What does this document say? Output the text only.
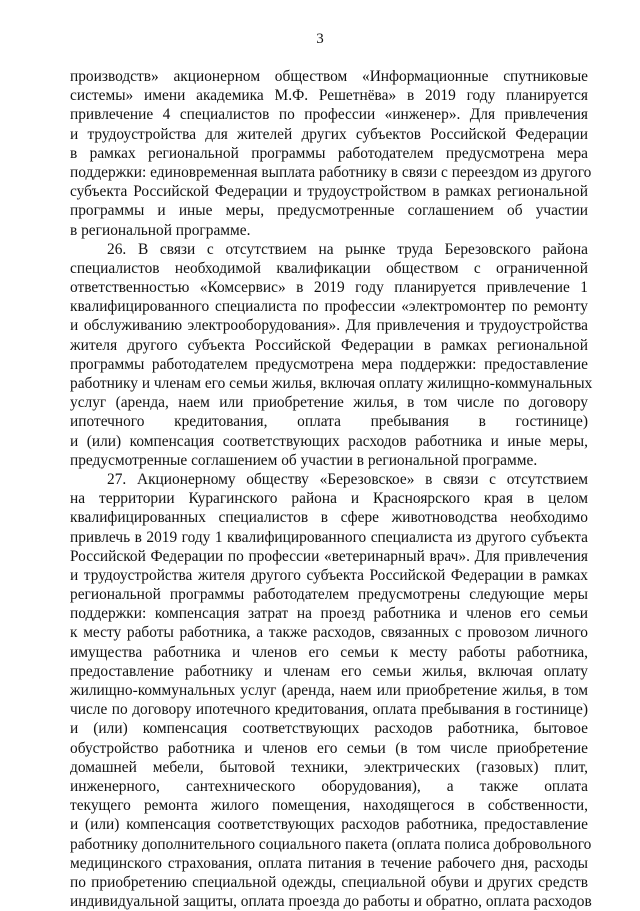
3
производств» акционерном обществом «Информационные спутниковые
системы» имени академика М.Ф. Решетнёва» в 2019 году планируется
привлечение 4 специалистов по профессии «инженер». Для привлечения
и трудоустройства для жителей других субъектов Российской Федерации
в рамках региональной программы работодателем предусмотрена мера
поддержки: единовременная выплата работнику в связи с переездом из другого
субъекта Российской Федерации и трудоустройством в рамках региональной
программы и иные меры, предусмотренные соглашением об участии
в региональной программе.
26. В связи с отсутствием на рынке труда Березовского района
специалистов необходимой квалификации обществом с ограниченной
ответственностью «Комсервис» в 2019 году планируется привлечение 1
квалифицированного специалиста по профессии «электромонтер по ремонту
и обслуживанию электрооборудования». Для привлечения и трудоустройства
жителя другого субъекта Российской Федерации в рамках региональной
программы работодателем предусмотрена мера поддержки: предоставление
работнику и членам его семьи жилья, включая оплату жилищно-коммунальных
услуг (аренда, наем или приобретение жилья, в том числе по договору
ипотечного кредитования, оплата пребывания в гостинице)
и (или) компенсация соответствующих расходов работника и иные меры,
предусмотренные соглашением об участии в региональной программе.
27. Акционерному обществу «Березовское» в связи с отсутствием
на территории Курагинского района и Красноярского края в целом
квалифицированных специалистов в сфере животноводства необходимо
привлечь в 2019 году 1 квалифицированного специалиста из другого субъекта
Российской Федерации по профессии «ветеринарный врач». Для привлечения
и трудоустройства жителя другого субъекта Российской Федерации в рамках
региональной программы работодателем предусмотрены следующие меры
поддержки: компенсация затрат на проезд работника и членов его семьи
к месту работы работника, а также расходов, связанных с провозом личного
имущества работника и членов его семьи к месту работы работника,
предоставление работнику и членам его семьи жилья, включая оплату
жилищно-коммунальных услуг (аренда, наем или приобретение жилья, в том
числе по договору ипотечного кредитования, оплата пребывания в гостинице)
и (или) компенсация соответствующих расходов работника, бытовое
обустройство работника и членов его семьи (в том числе приобретение
домашней мебели, бытовой техники, электрических (газовых) плит,
инженерного, сантехнического оборудования), а также оплата
текущего ремонта жилого помещения, находящегося в собственности,
и (или) компенсация соответствующих расходов работника, предоставление
работнику дополнительного социального пакета (оплата полиса добровольного
медицинского страхования, оплата питания в течение рабочего дня, расходы
по приобретению специальной одежды, специальной обуви и других средств
индивидуальной защиты, оплата проезда до работы и обратно, оплата расходов
